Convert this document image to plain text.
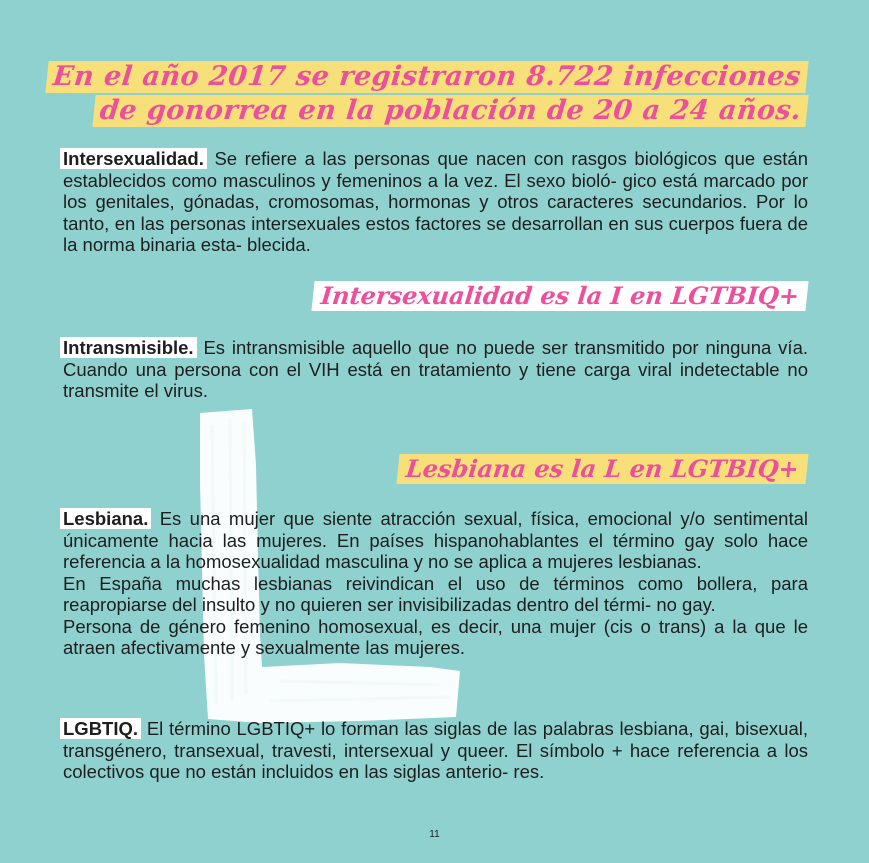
En el año 2017 se registraron 8.722 infecciones
de gonorrea en la población de 20 a 24 años.

Intersexualidad. Se refiere a las personas que nacen con rasgos biológicos que están establecidos como masculinos y femeninos a la vez. El sexo bioló- gico está marcado por los genitales, gónadas, cromosomas, hormonas y otros caracteres secundarios. Por lo tanto, en las personas intersexuales estos factores se desarrollan en sus cuerpos fuera de la norma binaria esta- blecida.

Intersexualidad es la I en LGTBIQ+

Intransmisible. Es intransmisible aquello que no puede ser transmitido por ninguna vía. Cuando una persona con el VIH está en tratamiento y tiene carga viral indetectable no transmite el virus.

Lesbiana es la L en LGTBIQ+

Lesbiana. Es una mujer que siente atracción sexual, física, emocional y/o sentimental únicamente hacia las mujeres. En países hispanohablantes el término gay solo hace referencia a la homosexualidad masculina y no se aplica a mujeres lesbianas.

En España muchas lesbianas reivindican el uso de términos como bollera, para reapropiarse del insulto y no quieren ser invisibilizadas dentro del térmi- no gay.

Persona de género femenino homosexual, es decir, una mujer (cis o trans) a la que le atraen afectivamente y sexualmente las mujeres.

LGBTIQ. El término LGBTIQ+ lo forman las siglas de las palabras lesbiana, gai, bisexual, transgénero, transexual, travesti, intersexual y queer. El símbolo + hace referencia a los colectivos que no están incluidos en las siglas anterio- res.

11
